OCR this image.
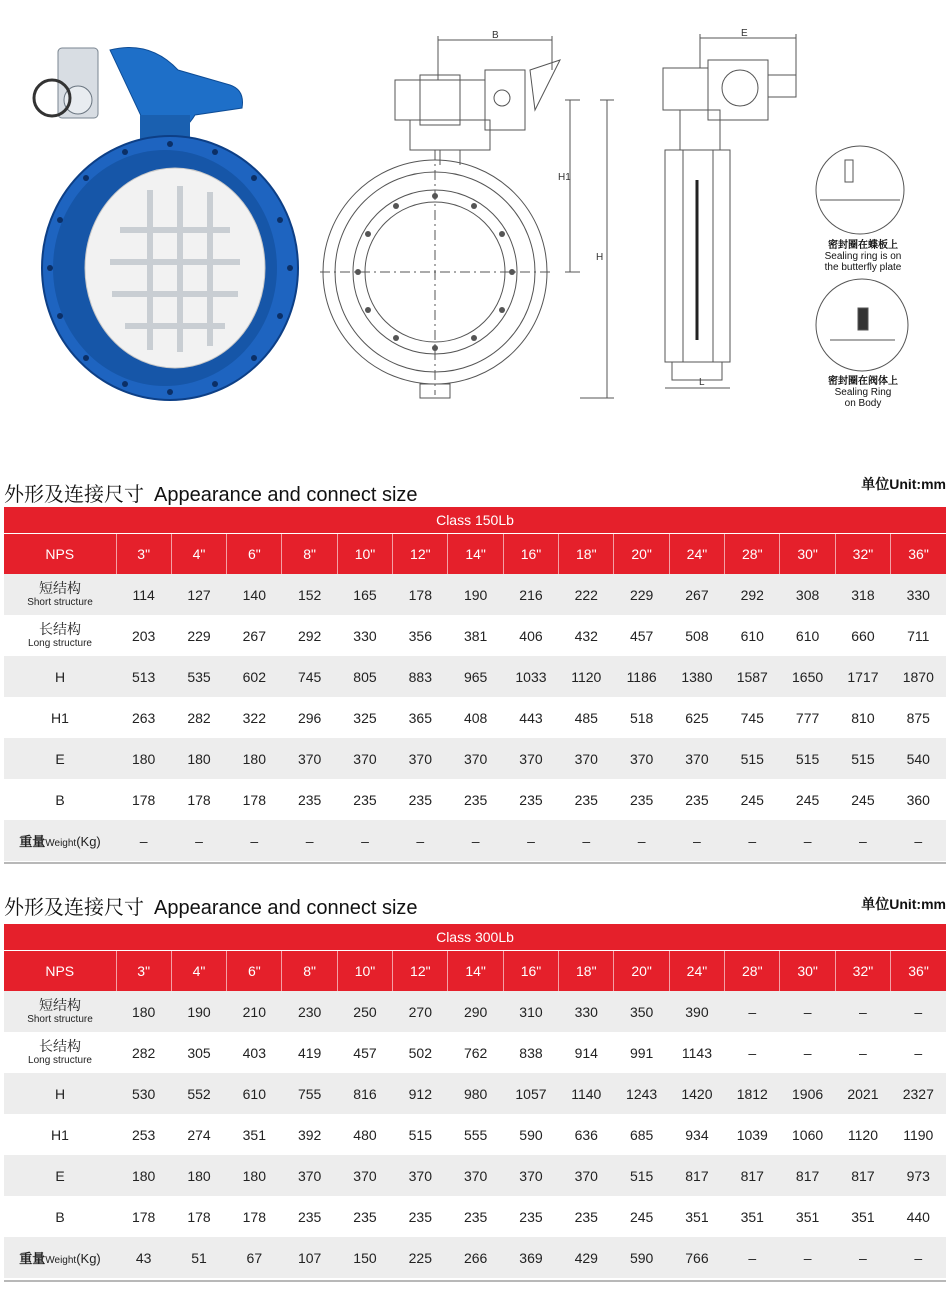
B	E
H
H1
L
密封圈在蝶板上
Sealing ring is on
the butterfly plate
密封圈在阀体上
Sealing Ring
on Body
外形及连接尺寸 Appearance and connect size	单位Unit:mm
Class 150Lb															
NPS	3"	4"	6"	8"	10"	12"	14"	16"	18"	20"	24"	28"	30"	32"	36"

短结构
Short structure	114	127	140	152	165	178	190	216	222	229	267	292	308	318	330

长结构
Long structure	203	229	267	292	330	356	381	406	432	457	508	610	610	660	711
H	513	535	602	745	805	883	965	1033	1120	1186	1380	1587	1650	1717	1870
H1	263	282	322	296	325	365	408	443	485	518	625	745	777	810	875
E	180	180	180	370	370	370	370	370	370	370	370	515	515	515	540
B	178	178	178	235	235	235	235	235	235	235	235	245	245	245	360
重量Weight(Kg)	–	–	–	–	–	–	–	–	–	–	–	–	–	–	–
外形及连接尺寸 Appearance and connect size	单位Unit:mm
Class 300Lb															
NPS	3"	4"	6"	8"	10"	12"	14"	16"	18"	20"	24"	28"	30"	32"	36"

短结构
Short structure	180	190	210	230	250	270	290	310	330	350	390	–	–	–	–

长结构
Long structure	282	305	403	419	457	502	762	838	914	991	1143	–	–	–	–
H	530	552	610	755	816	912	980	1057	1140	1243	1420	1812	1906	2021	2327
H1	253	274	351	392	480	515	555	590	636	685	934	1039	1060	1120	1190
E	180	180	180	370	370	370	370	370	370	515	817	817	817	817	973
B	178	178	178	235	235	235	235	235	235	245	351	351	351	351	440
重量Weight(Kg)	43	51	67	107	150	225	266	369	429	590	766	–	–	–	–
